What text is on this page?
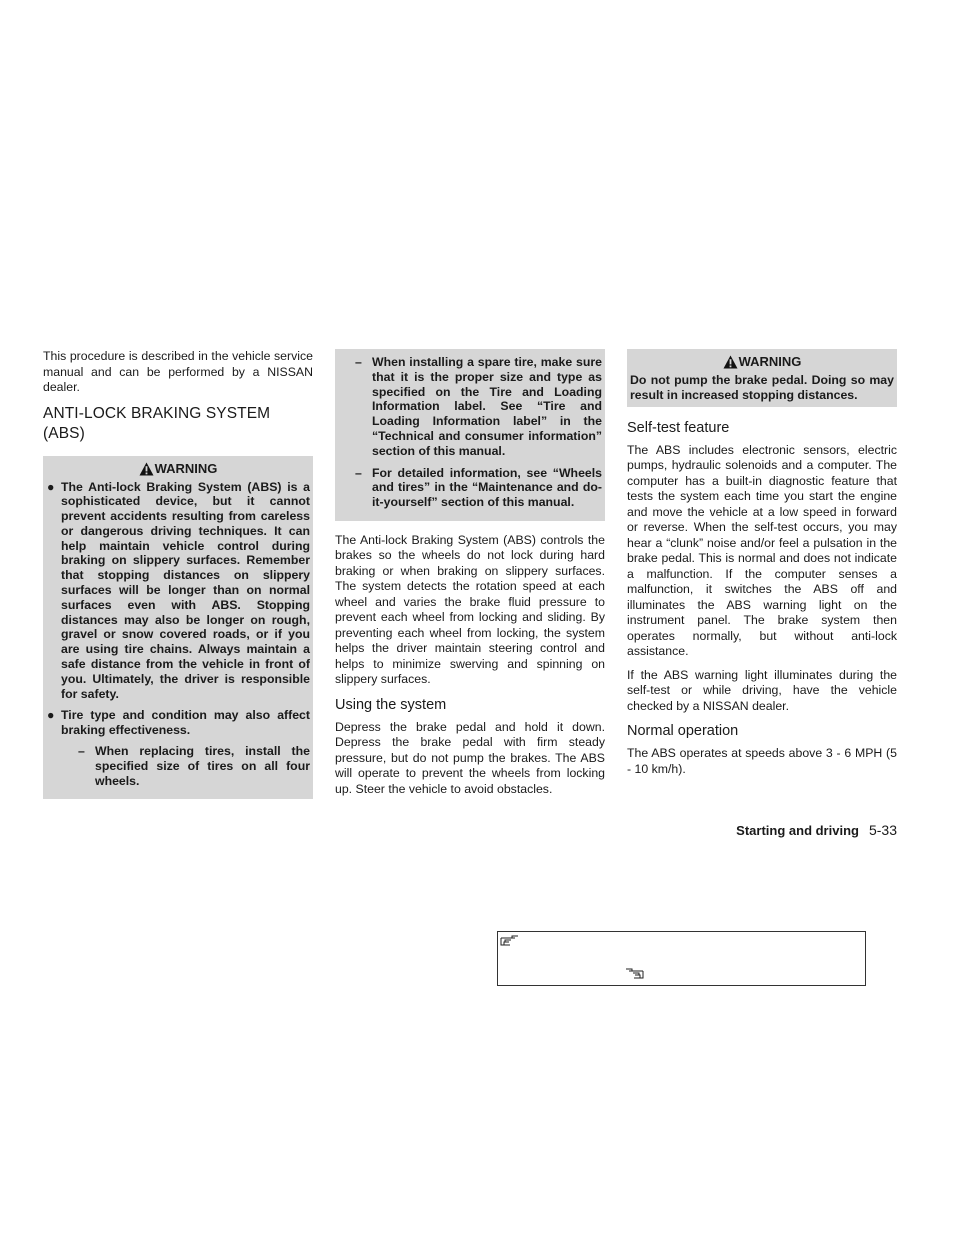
This procedure is described in the vehicle service manual and can be performed by a NISSAN dealer.

ANTI-LOCK BRAKING SYSTEM (ABS)
WARNING
● The Anti-lock Braking System (ABS) is a sophisticated device, but it cannot prevent accidents resulting from careless or dangerous driving techniques. It can help maintain vehicle control during braking on slippery surfaces. Remember that stopping distances on slippery surfaces will be longer than on normal surfaces even with ABS. Stopping distances may also be longer on rough, gravel or snow covered roads, or if you are using tire chains. Always maintain a safe distance from the vehicle in front of you. Ultimately, the driver is responsible for safety.
● Tire type and condition may also affect braking effectiveness.
– When replacing tires, install the specified size of tires on all four wheels.
– When installing a spare tire, make sure that it is the proper size and type as specified on the Tire and Loading Information label. See “Tire and Loading Information label” in the “Technical and consumer information” section of this manual.
– For detailed information, see “Wheels and tires” in the “Maintenance and do-it-yourself” section of this manual.

The Anti-lock Braking System (ABS) controls the brakes so the wheels do not lock during hard braking or when braking on slippery surfaces. The system detects the rotation speed at each wheel and varies the brake fluid pressure to prevent each wheel from locking and sliding. By preventing each wheel from locking, the system helps the driver maintain steering control and helps to minimize swerving and spinning on slippery surfaces.

Using the system

Depress the brake pedal and hold it down. Depress the brake pedal with firm steady pressure, but do not pump the brakes. The ABS will operate to prevent the wheels from locking up. Steer the vehicle to avoid obstacles.

WARNING
Do not pump the brake pedal. Doing so may result in increased stopping distances.
Self-test feature

The ABS includes electronic sensors, electric pumps, hydraulic solenoids and a computer. The computer has a built-in diagnostic feature that tests the system each time you start the engine and move the vehicle at a low speed in forward or reverse. When the self-test occurs, you may hear a “clunk” noise and/or feel a pulsation in the brake pedal. This is normal and does not indicate a malfunction. If the computer senses a malfunction, it switches the ABS off and illuminates the ABS warning light on the instrument panel. The brake system then operates normally, but without anti-lock assistance.

If the ABS warning light illuminates during the self-test or while driving, have the vehicle checked by a NISSAN dealer.

Normal operation

The ABS operates at speeds above 3 - 6 MPH (5 - 10 km/h).

Starting and driving 5-33
